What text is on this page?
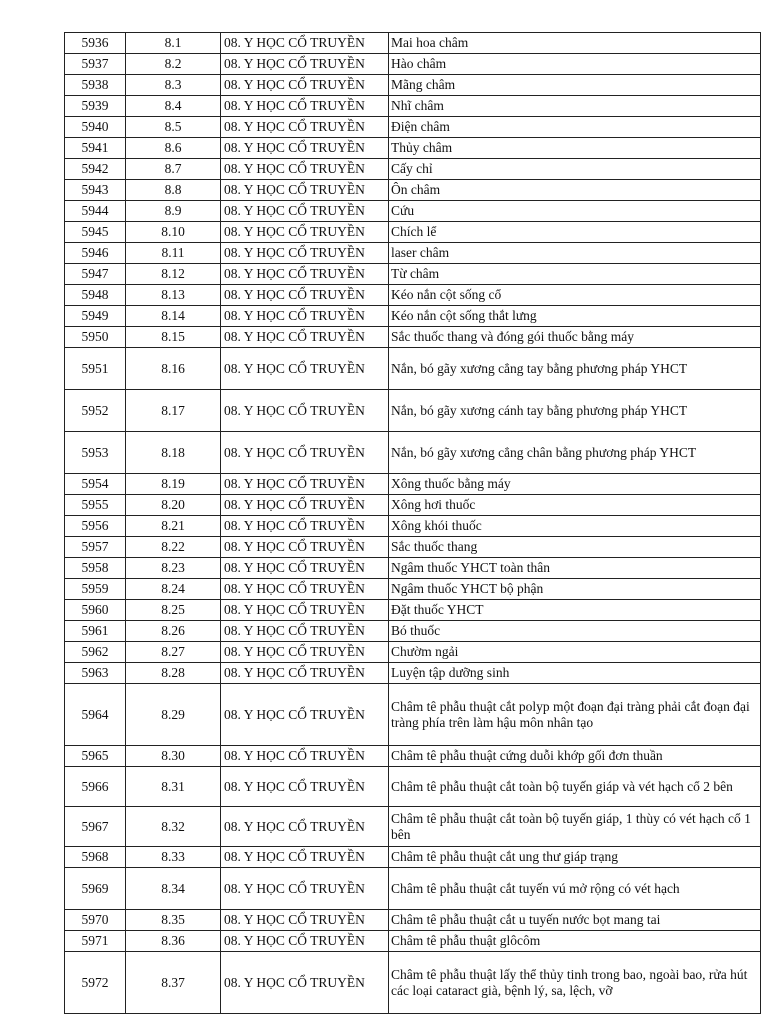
5936	8.1	08. Y HỌC CỔ TRUYỀN	Mai hoa châm
5937	8.2	08. Y HỌC CỔ TRUYỀN	Hào châm
5938	8.3	08. Y HỌC CỔ TRUYỀN	Mãng châm
5939	8.4	08. Y HỌC CỔ TRUYỀN	Nhĩ châm
5940	8.5	08. Y HỌC CỔ TRUYỀN	Điện châm
5941	8.6	08. Y HỌC CỔ TRUYỀN	Thủy châm
5942	8.7	08. Y HỌC CỔ TRUYỀN	Cấy chỉ
5943	8.8	08. Y HỌC CỔ TRUYỀN	Ôn châm
5944	8.9	08. Y HỌC CỔ TRUYỀN	Cứu
5945	8.10	08. Y HỌC CỔ TRUYỀN	Chích lể
5946	8.11	08. Y HỌC CỔ TRUYỀN	laser châm
5947	8.12	08. Y HỌC CỔ TRUYỀN	Từ châm
5948	8.13	08. Y HỌC CỔ TRUYỀN	Kéo nắn cột sống cổ
5949	8.14	08. Y HỌC CỔ TRUYỀN	Kéo nắn cột sống thắt lưng
5950	8.15	08. Y HỌC CỔ TRUYỀN	Sắc thuốc thang và đóng gói thuốc bằng máy
5951	8.16	08. Y HỌC CỔ TRUYỀN	Nắn, bó gãy xương cẳng tay bằng phương pháp YHCT
5952	8.17	08. Y HỌC CỔ TRUYỀN	Nắn, bó gãy xương cánh tay bằng phương pháp YHCT
5953	8.18	08. Y HỌC CỔ TRUYỀN	Nắn, bó gãy xương cẳng chân bằng phương pháp YHCT
5954	8.19	08. Y HỌC CỔ TRUYỀN	Xông thuốc bằng máy
5955	8.20	08. Y HỌC CỔ TRUYỀN	Xông hơi thuốc
5956	8.21	08. Y HỌC CỔ TRUYỀN	Xông khói thuốc
5957	8.22	08. Y HỌC CỔ TRUYỀN	Sắc thuốc thang
5958	8.23	08. Y HỌC CỔ TRUYỀN	Ngâm thuốc YHCT toàn thân
5959	8.24	08. Y HỌC CỔ TRUYỀN	Ngâm thuốc YHCT bộ phận
5960	8.25	08. Y HỌC CỔ TRUYỀN	Đặt thuốc YHCT
5961	8.26	08. Y HỌC CỔ TRUYỀN	Bó thuốc
5962	8.27	08. Y HỌC CỔ TRUYỀN	Chườm ngải
5963	8.28	08. Y HỌC CỔ TRUYỀN	Luyện tập dưỡng sinh
5964	8.29	08. Y HỌC CỔ TRUYỀN	Châm tê phẫu thuật cắt polyp một đoạn đại tràng phải cắt đoạn đại tràng phía trên làm hậu môn nhân tạo
5965	8.30	08. Y HỌC CỔ TRUYỀN	Châm tê phẫu thuật cứng duỗi khớp gối đơn thuần
5966	8.31	08. Y HỌC CỔ TRUYỀN	Châm tê phẫu thuật cắt toàn bộ tuyến giáp và vét hạch cổ 2 bên
5967	8.32	08. Y HỌC CỔ TRUYỀN	Châm tê phẫu thuật cắt toàn bộ tuyến giáp, 1 thùy có vét hạch cổ 1 bên
5968	8.33	08. Y HỌC CỔ TRUYỀN	Châm tê phẫu thuật cắt ung thư giáp trạng
5969	8.34	08. Y HỌC CỔ TRUYỀN	Châm tê phẫu thuật cắt tuyến vú mở rộng có vét hạch
5970	8.35	08. Y HỌC CỔ TRUYỀN	Châm tê phẫu thuật cắt u tuyến nước bọt mang tai
5971	8.36	08. Y HỌC CỔ TRUYỀN	Châm tê phẫu thuật glôcôm
5972	8.37	08. Y HỌC CỔ TRUYỀN	Châm tê phẫu thuật lấy thể thủy tinh trong bao, ngoài bao, rửa hút các loại cataract già, bệnh lý, sa, lệch, vỡ
